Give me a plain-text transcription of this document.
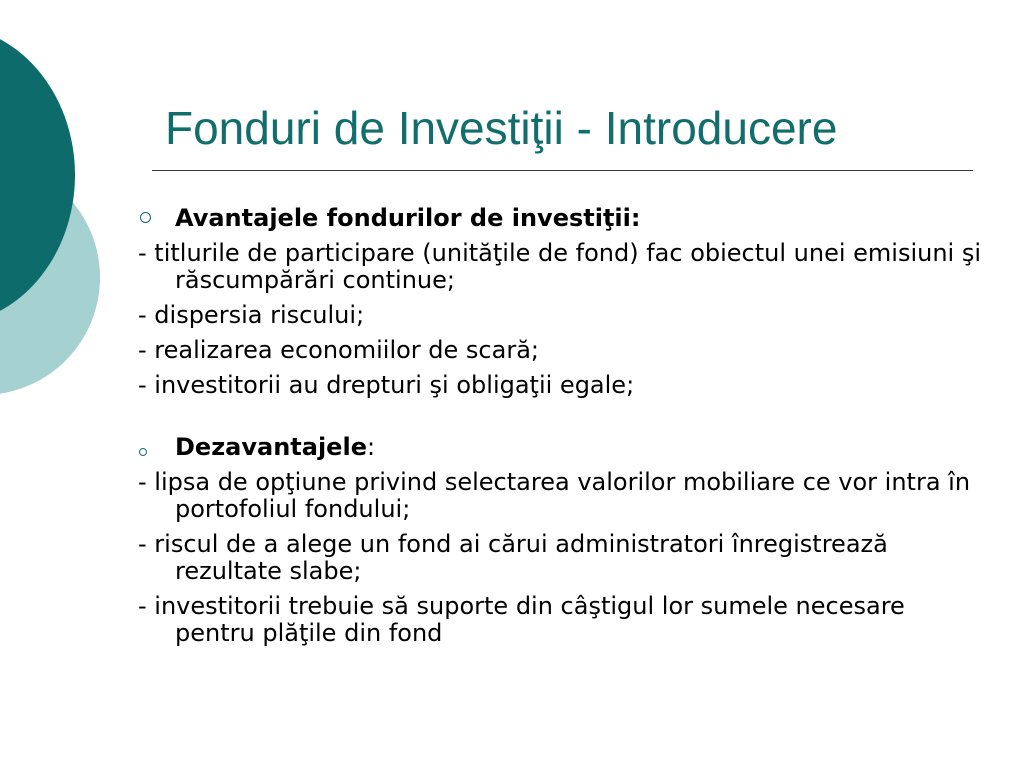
Fonduri de Investiţii - Introducere
Avantajele fondurilor de investiţii:
- titlurile de participare (unităţile de fond) fac obiectul unei emisiuni şi răscumpărări continue;
- dispersia riscului;
- realizarea economiilor de scară;
- investitorii au drepturi şi obligaţii egale;
Dezavantajele:
- lipsa de opţiune privind selectarea valorilor mobiliare ce vor intra în portofoliul fondului;
- riscul de a alege un fond ai cărui administratori înregistrează rezultate slabe;
- investitorii trebuie să suporte din câştigul lor sumele necesare pentru plăţile din fond
